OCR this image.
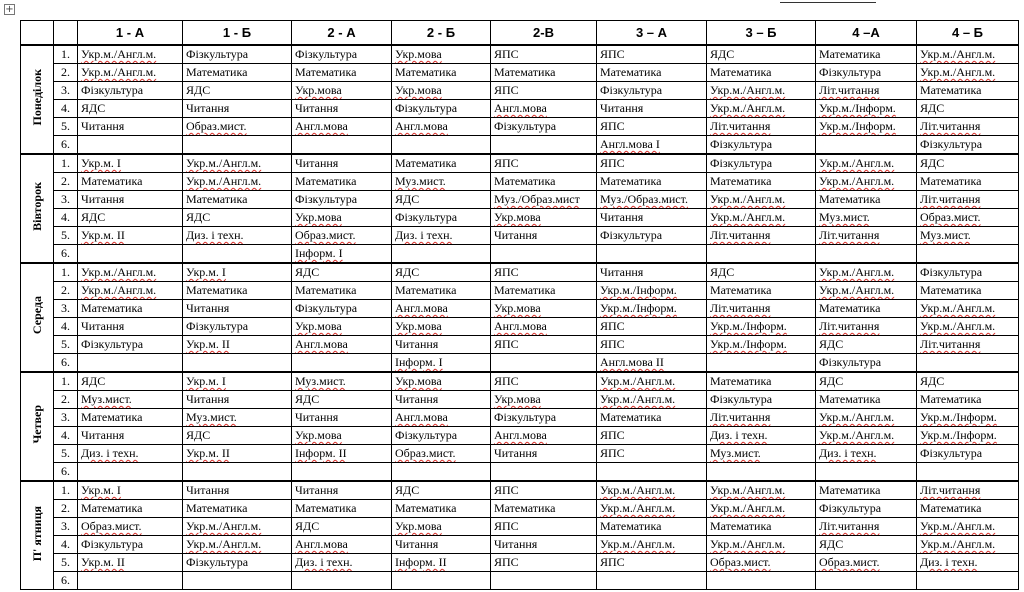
+
		1 - А	1 - Б	2 - А	2 - Б	2-В	3 – А	3 – Б	4 –А	4 – Б
Понеділок	1.	Укр.м./Англ.м.	Фізкультура	Фізкультура	Укр.мова	ЯПС	ЯПС	ЯДС	Математика	Укр.м./Англ.м.
	2.	Укр.м./Англ.м.	Математика	Математика	Математика	Математика	Математика	Математика	Фізкультура	Укр.м./Англ.м.
	3.	Фізкультура	ЯДС	Укр.мова	Укр.мова	ЯПС	Фізкультура	Укр.м./Англ.м.	Літ.читання	Математика
	4.	ЯДС	Читання	Читання	Фізкультура	Англ.мова	Читання	Укр.м./Англ.м.	Укр.м./Інформ.	ЯДС
	5.	Читання	Образ.мист.	Англ.мова	Англ.мова	Фізкультура	ЯПС	Літ.читання	Укр.м./Інформ.	Літ.читання
	6.						Англ.мова І	Фізкультура		Фізкультура
Вівторок	1.	Укр.м. І	Укр.м./Англ.м.	Читання	Математика	ЯПС	ЯПС	Фізкультура	Укр.м./Англ.м.	ЯДС
	2.	Математика	Укр.м./Англ.м.	Математика	Муз.мист.	Математика	Математика	Математика	Укр.м./Англ.м.	Математика
	3.	Читання	Математика	Фізкультура	ЯДС	Муз./Образ.мист	Муз./Образ.мист.	Укр.м./Англ.м.	Математика	Літ.читання
	4.	ЯДС	ЯДС	Укр.мова	Фізкультура	Укр.мова	Читання	Укр.м./Англ.м.	Муз.мист.	Образ.мист.
	5.	Укр.м. ІІ	Диз. і техн.	Образ.мист.	Диз. і техн.	Читання	Фізкультура	Літ.читання	Літ.читання	Муз.мист.
	6.			Інформ. І						
Середа	1.	Укр.м./Англ.м.	Укр.м. І	ЯДС	ЯДС	ЯПС	Читання	ЯДС	Укр.м./Англ.м.	Фізкультура
	2.	Укр.м./Англ.м.	Математика	Математика	Математика	Математика	Укр.м./Інформ.	Математика	Укр.м./Англ.м.	Математика
	3.	Математика	Читання	Фізкультура	Англ.мова	Укр.мова	Укр.м./Інформ.	Літ.читання	Математика	Укр.м./Англ.м.
	4.	Читання	Фізкультура	Укр.мова	Укр.мова	Англ.мова	ЯПС	Укр.м./Інформ.	Літ.читання	Укр.м./Англ.м.
	5.	Фізкультура	Укр.м. ІІ	Англ.мова	Читання	ЯПС	ЯПС	Укр.м./Інформ.	ЯДС	Літ.читання
	6.				Інформ. І		Англ.мова ІІ		Фізкультура	
Четвер	1.	ЯДС	Укр.м. І	Муз.мист.	Укр.мова	ЯПС	Укр.м./Англ.м.	Математика	ЯДС	ЯДС
	2.	Муз.мист.	Читання	ЯДС	Читання	Укр.мова	Укр.м./Англ.м.	Фізкультура	Математика	Математика
	3.	Математика	Муз.мист.	Читання	Англ.мова	Фізкультура	Математика	Літ.читання	Укр.м./Англ.м.	Укр.м./Інформ.
	4.	Читання	ЯДС	Укр.мова	Фізкультура	Англ.мова	ЯПС	Диз. і техн.	Укр.м./Англ.м.	Укр.м./Інформ.
	5.	Диз. і техн.	Укр.м. ІІ	Інформ. ІІ	Образ.мист.	Читання	ЯПС	Муз.мист.	Диз. і техн.	Фізкультура
	6.									
П' ятниця	1.	Укр.м. І	Читання	Читання	ЯДС	ЯПС	Укр.м./Англ.м.	Укр.м./Англ.м.	Математика	Літ.читання
	2.	Математика	Математика	Математика	Математика	Математика	Укр.м./Англ.м.	Укр.м./Англ.м.	Фізкультура	Математика
	3.	Образ.мист.	Укр.м./Англ.м.	ЯДС	Укр.мова	ЯПС	Математика	Математика	Літ.читання	Укр.м./Англ.м.
	4.	Фізкультура	Укр.м./Англ.м.	Англ.мова	Читання	Читання	Укр.м./Англ.м.	Укр.м./Англ.м.	ЯДС	Укр.м./Англ.м.
	5.	Укр.м. ІІ	Фізкультура	Диз. і техн.	Інформ. ІІ	ЯПС	ЯПС	Образ.мист.	Образ.мист.	Диз. і техн.
	6.									
